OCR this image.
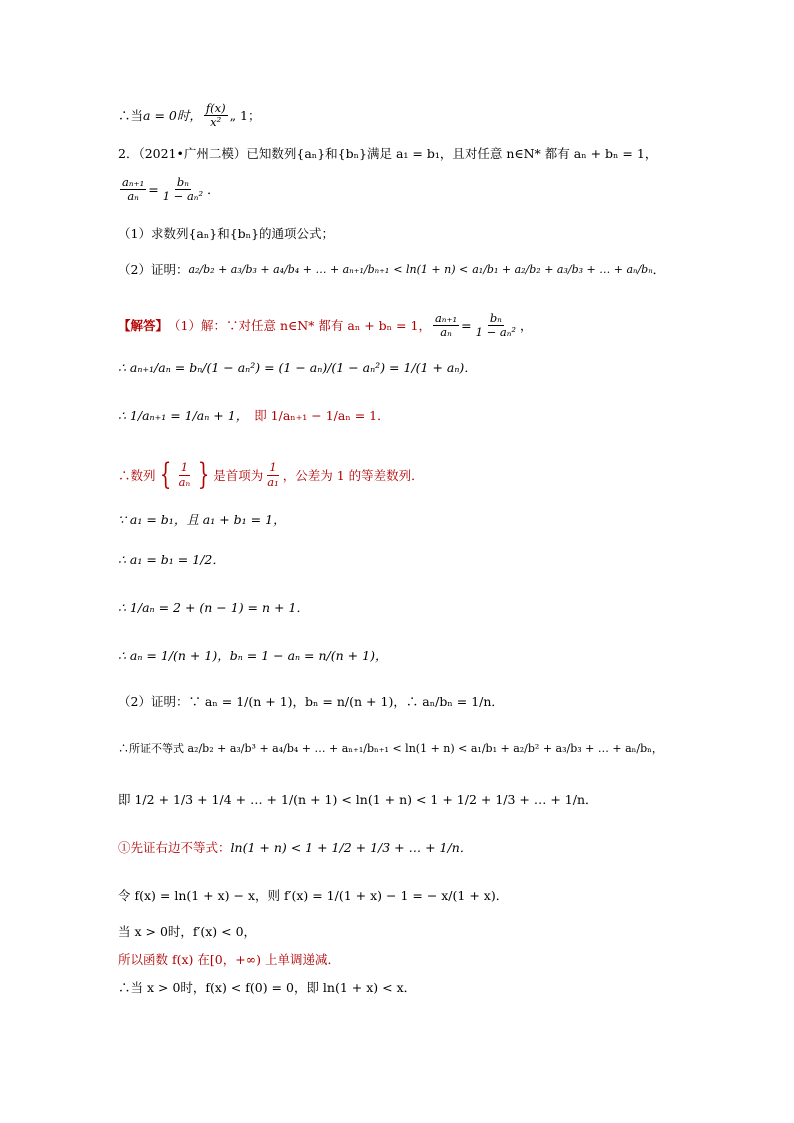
∴当 a = 0时， $\frac{f(x)}{\text{x²}}$ „ 1；
2．（2021•广州二模）已知数列{aₙ}和{bₙ}满足 a₁ = b₁，且对任意 n∈N* 都有 aₙ + bₙ = 1，
$\frac{\text{aₙ₊₁}}{\text{aₙ}} = \frac{\text{bₙ}}{\text{1 − aₙ²}}$ ．
（1）求数列{aₙ}和{bₙ}的通项公式；
（2）证明： a₂/b₂ + a₃/b₃ + a₄/b₄ + … + aₙ₊₁/bₙ₊₁ < ln(1 + n) < a₁/b₁ + a₂/b₂ + a₃/b₃ + … + aₙ/bₙ ．
【解答】 （1）解：∵对任意 n∈N* 都有 aₙ + bₙ = 1， $\frac{\text{aₙ₊₁}}{\text{aₙ}} = \frac{\text{bₙ}}{\text{1 − aₙ²}}$ ，
∴ aₙ₊₁/aₙ = bₙ/(1 − aₙ²) = (1 − aₙ)/(1 − aₙ²) = 1/(1 + aₙ)．
∴ 1/aₙ₊₁ = 1/aₙ + 1， 即 1/aₙ₊₁ − 1/aₙ = 1．
∴数列 { $\frac{1}{\text{aₙ}}$ } 是首项为 $\frac{1}{\text{a₁}}$ ，公差为 1 的等差数列．
∵ a₁ = b₁，且 a₁ + b₁ = 1，
∴ a₁ = b₁ = 1/2．
∴ 1/aₙ = 2 + (n − 1) = n + 1．
∴ aₙ = 1/(n + 1)，bₙ = 1 − aₙ = n/(n + 1)，
（2）证明：∵ aₙ = 1/(n + 1)，bₙ = n/(n + 1)，∴ aₙ/bₙ = 1/n．
∴所证不等式 a₂/b₂ + a₃/b³ + a₄/b₄ + … + aₙ₊₁/bₙ₊₁ < ln(1 + n) < a₁/b₁ + a₂/b² + a₃/b₃ + … + aₙ/bₙ，
即 1/2 + 1/3 + 1/4 + … + 1/(n + 1) < ln(1 + n) < 1 + 1/2 + 1/3 + … + 1/n．
①先证右边不等式： ln(1 + n) < 1 + 1/2 + 1/3 + … + 1/n．
令 f(x) = ln(1 + x) − x，则 f′(x) = 1/(1 + x) − 1 = − x/(1 + x)．
当 x > 0时，f′(x) < 0，
所以函数 f(x) 在[0，+∞) 上单调递减．
∴当 x > 0时，f(x) < f(0) = 0，即 ln(1 + x) < x．
